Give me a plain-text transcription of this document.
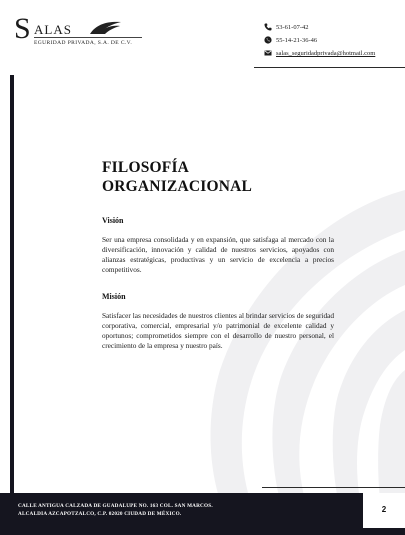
S ALAS
EGURIDAD PRIVADA, S.A. DE C.V.
53-61-07-42
55-14-21-36-46
salas_seguridadprivada@hotmail.com
FILOSOFÍA
ORGANIZACIONAL
Visión
Ser una empresa consolidada y en expansión, que satisfaga al mercado con la diversificación, innovación y calidad de nuestros servicios, apoyados con alianzas estratégicas, productivas y un servicio de excelencia a precios competitivos.
Misión
Satisfacer las necesidades de nuestros clientes al brindar servicios de seguridad corporativa, comercial, empresarial y/o patrimonial de excelente calidad y oportunos; comprometidos siempre con el desarrollo de nuestro personal, el crecimiento de la empresa y nuestro país.
CALLE ANTIGUA CALZADA DE GUADALUPE NO. 163 COL. SAN MARCOS.
ALCALDIA AZCAPOTZALCO, C.P. 02020 CIUDAD DE MÉXICO.	2
